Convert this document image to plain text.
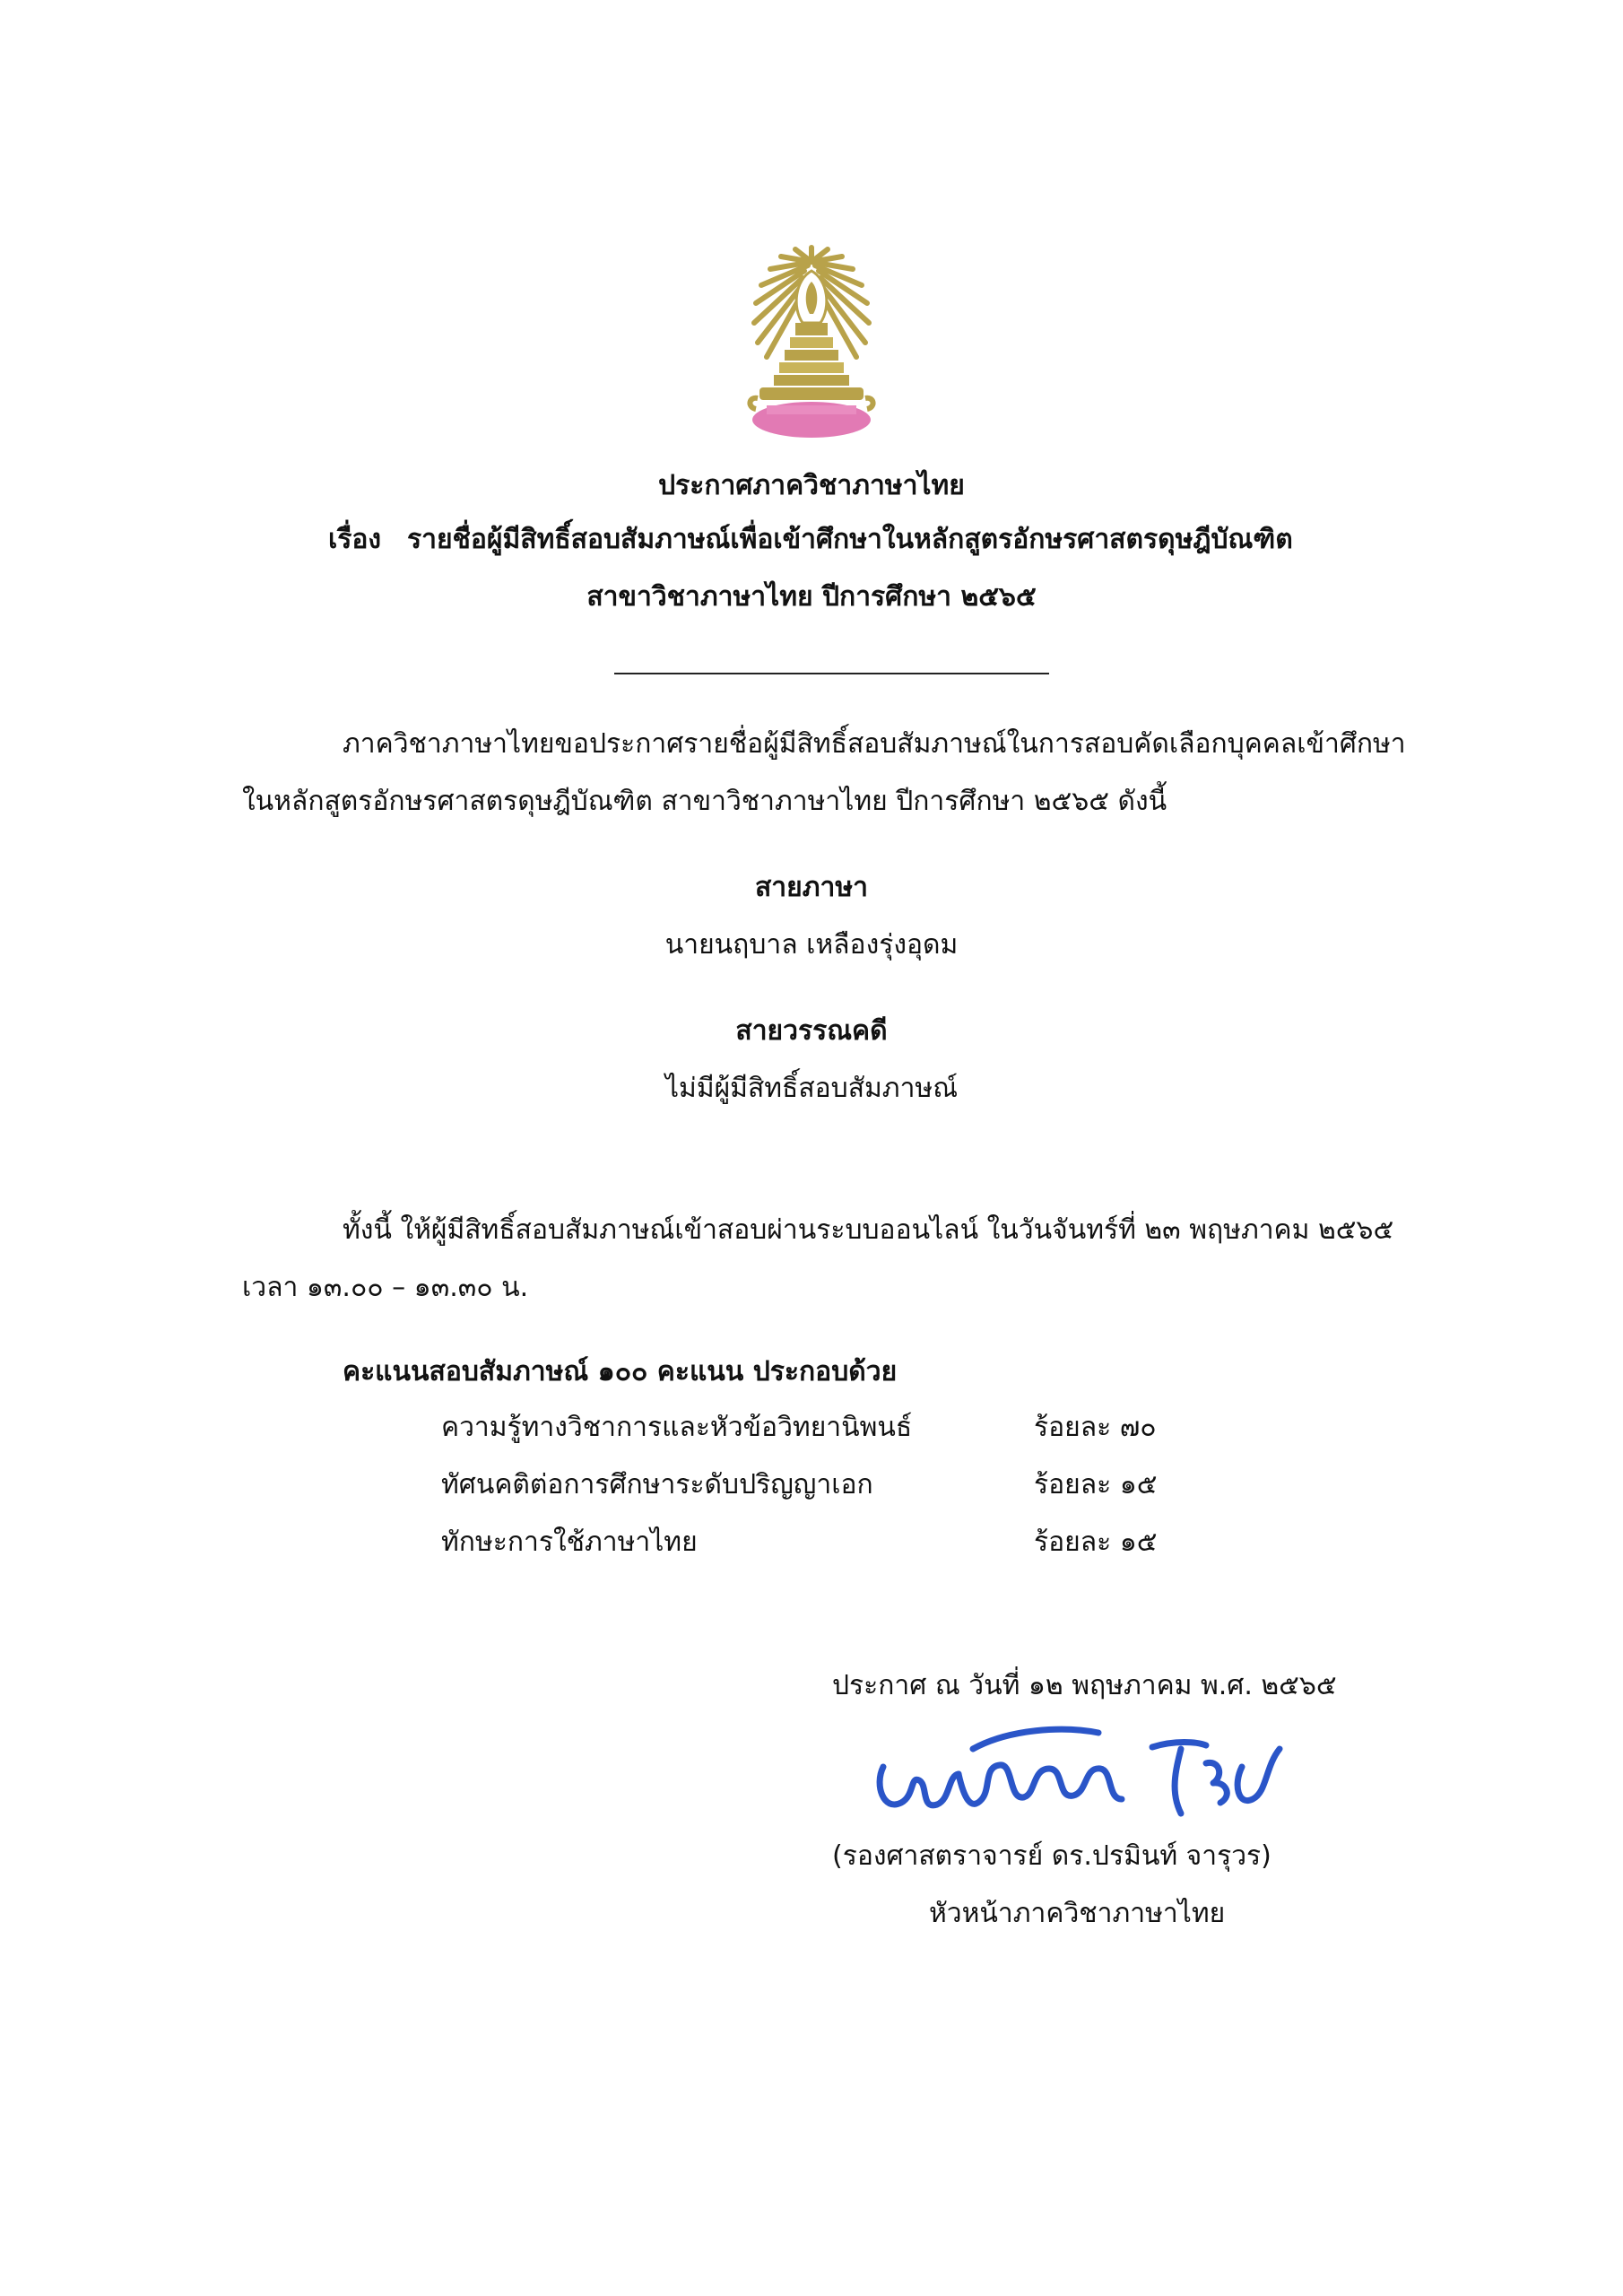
ประกาศภาควิชาภาษาไทย
เรื่อง รายชื่อผู้มีสิทธิ์สอบสัมภาษณ์เพื่อเข้าศึกษาในหลักสูตรอักษรศาสตรดุษฎีบัณฑิต
สาขาวิชาภาษาไทย ปีการศึกษา ๒๕๖๕
ภาควิชาภาษาไทยขอประกาศรายชื่อผู้มีสิทธิ์สอบสัมภาษณ์ในการสอบคัดเลือกบุคคลเข้าศึกษา
ในหลักสูตรอักษรศาสตรดุษฎีบัณฑิต สาขาวิชาภาษาไทย ปีการศึกษา ๒๕๖๕ ดังนี้
สายภาษา
นายนฤบาล เหลืองรุ่งอุดม
สายวรรณคดี
ไม่มีผู้มีสิทธิ์สอบสัมภาษณ์
ทั้งนี้ ให้ผู้มีสิทธิ์สอบสัมภาษณ์เข้าสอบผ่านระบบออนไลน์ ในวันจันทร์ที่ ๒๓ พฤษภาคม ๒๕๖๕
เวลา ๑๓.๐๐ – ๑๓.๓๐ น.
คะแนนสอบสัมภาษณ์ ๑๐๐ คะแนน ประกอบด้วย
ความรู้ทางวิชาการและหัวข้อวิทยานิพนธ์	ร้อยละ ๗๐
ทัศนคติต่อการศึกษาระดับปริญญาเอก	ร้อยละ ๑๕
ทักษะการใช้ภาษาไทย	ร้อยละ ๑๕
ประกาศ ณ วันที่ ๑๒ พฤษภาคม พ.ศ. ๒๕๖๕
(รองศาสตราจารย์ ดร.ปรมินท์ จารุวร)
หัวหน้าภาควิชาภาษาไทย
